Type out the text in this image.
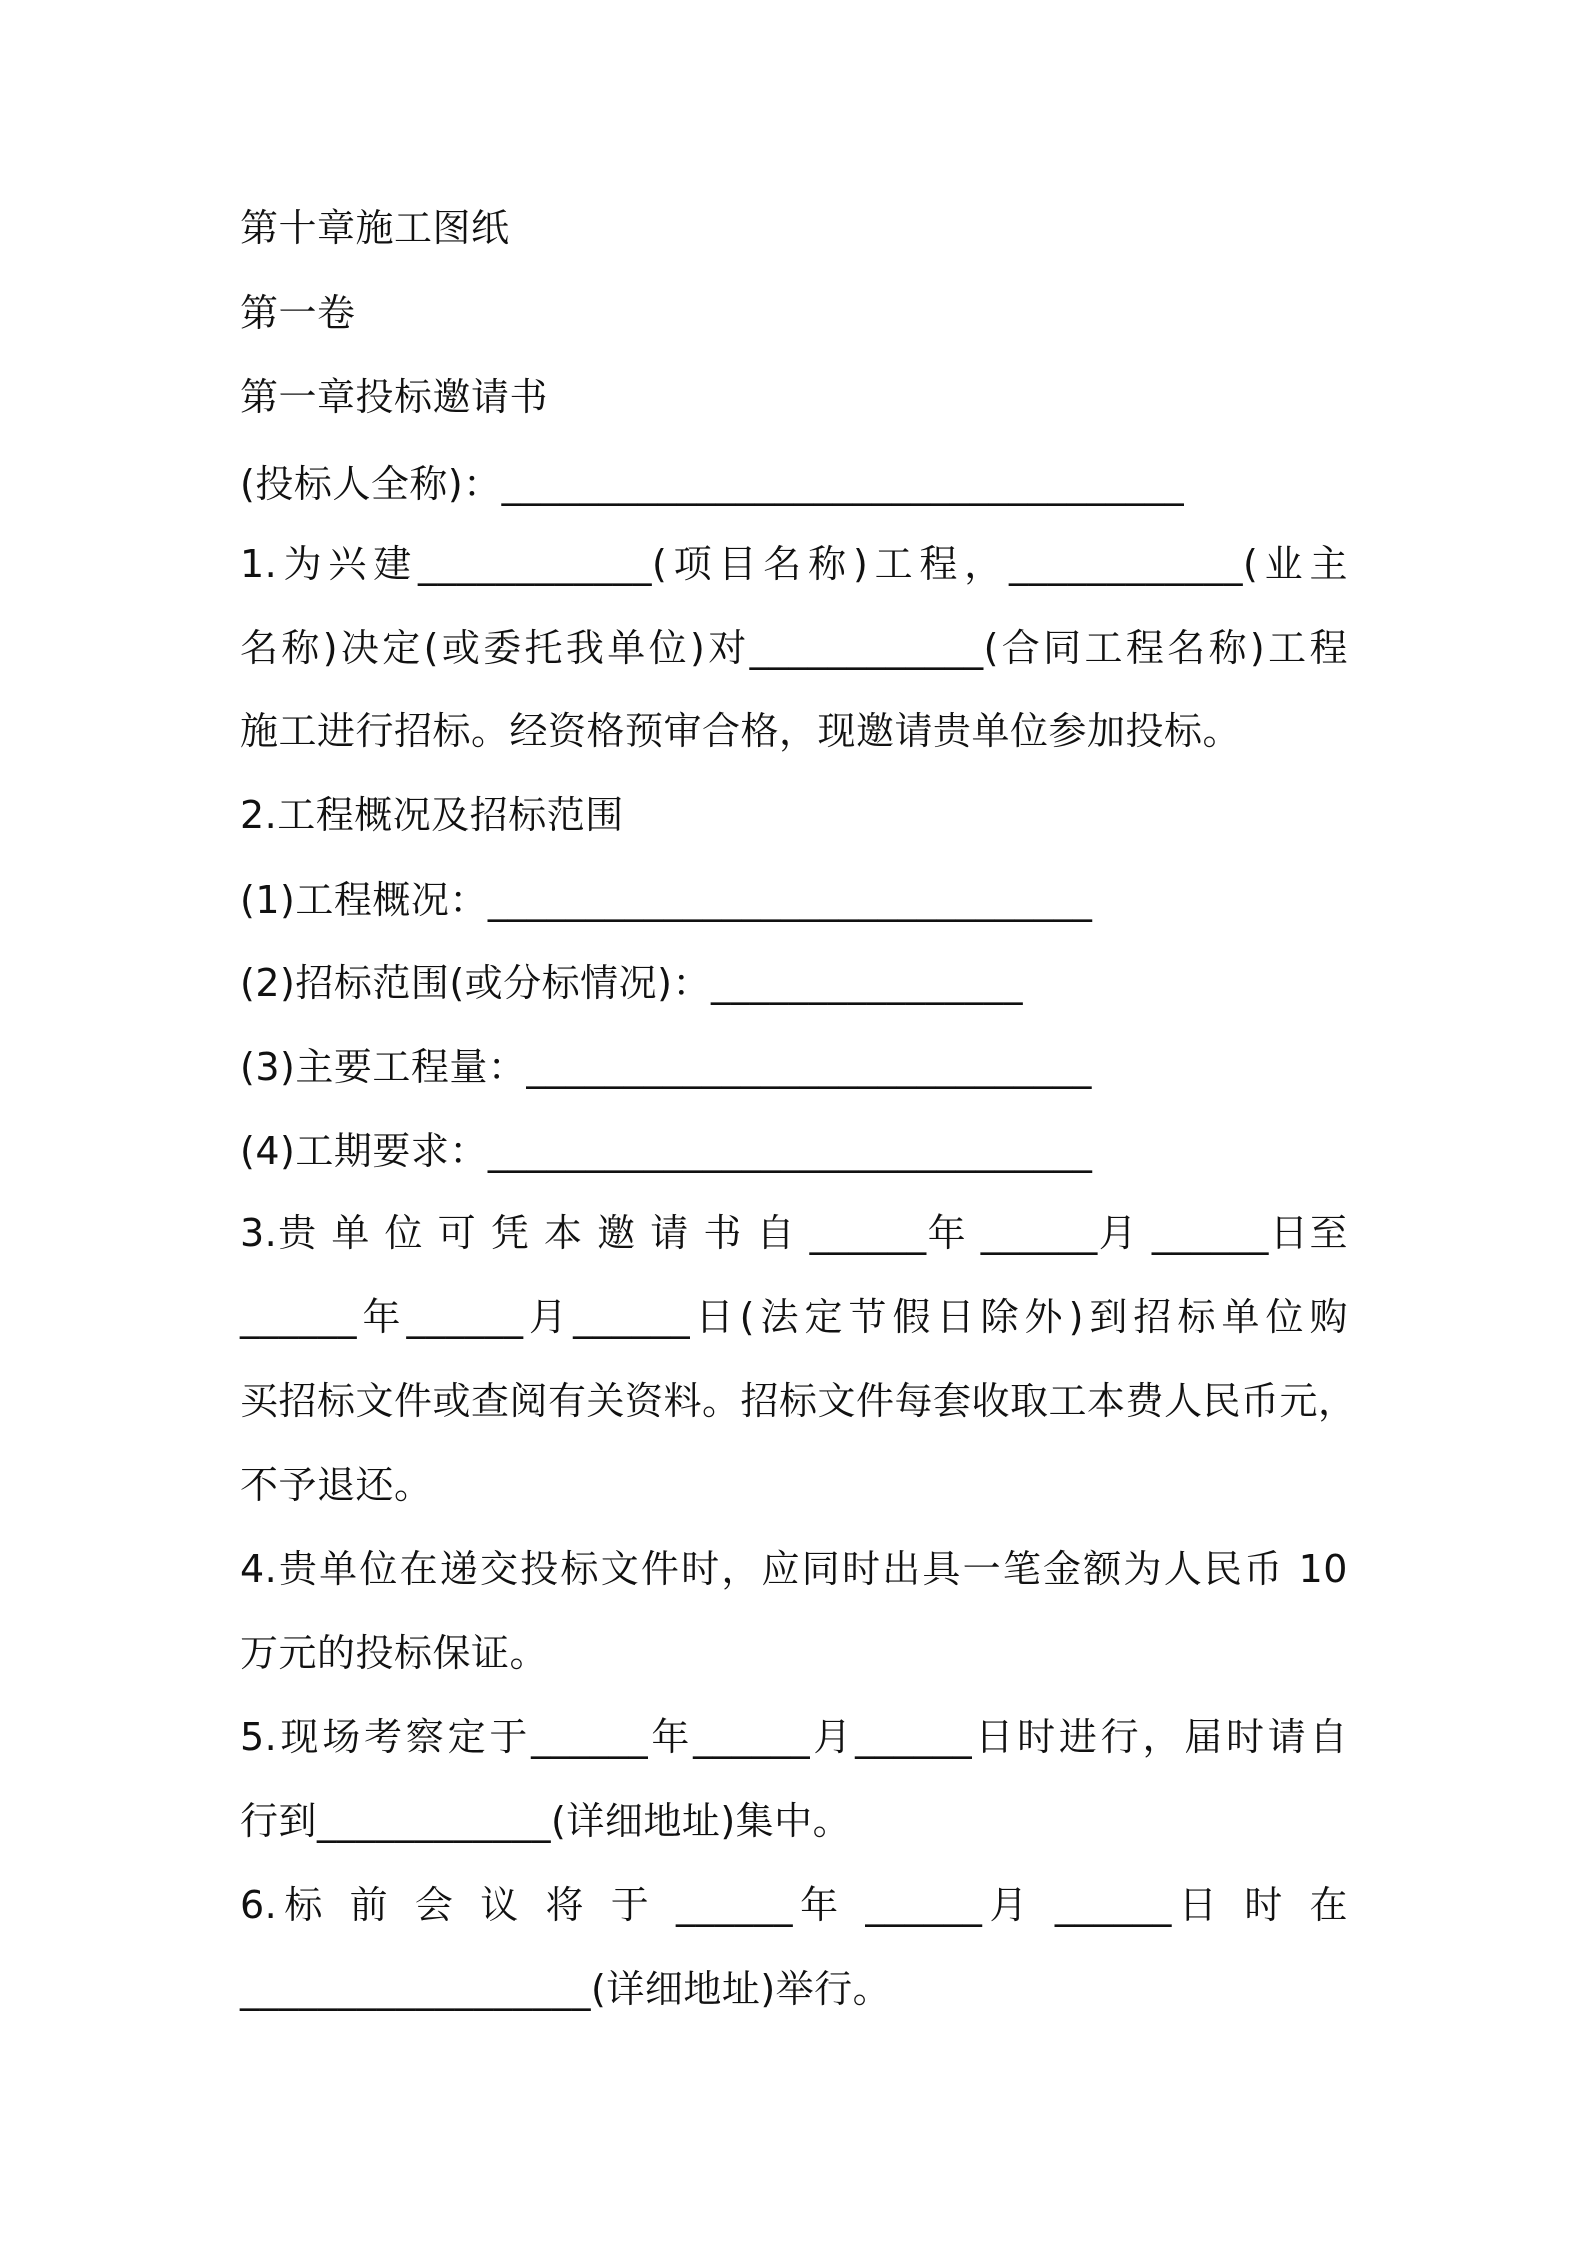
第十章施工图纸
第一卷
第一章投标邀请书
(投标人全称)：___________________________________
1.为兴建____________(项目名称)工程，____________(业主
名称)决定(或委托我单位)对____________(合同工程名称)工程
施工进行招标。经资格预审合格，现邀请贵单位参加投标。
2.工程概况及招标范围
(1)工程概况：_______________________________
(2)招标范围(或分标情况)：________________
(3)主要工程量：_____________________________
(4)工期要求：_______________________________
3.贵 单 位 可 凭 本 邀 请 书 自 ______年 ______月 ______日至
______年______月______日(法定节假日除外)到招标单位购
买招标文件或查阅有关资料。招标文件每套收取工本费人民币元，
不予退还。
4.贵单位在递交投标文件时，应同时出具一笔金额为人民币 10
万元的投标保证。
5.现场考察定于______年______月______日时进行，届时请自
行到____________(详细地址)集中。
6.标 前 会 议 将 于 ______年 ______月 ______日 时 在
__________________(详细地址)举行。
